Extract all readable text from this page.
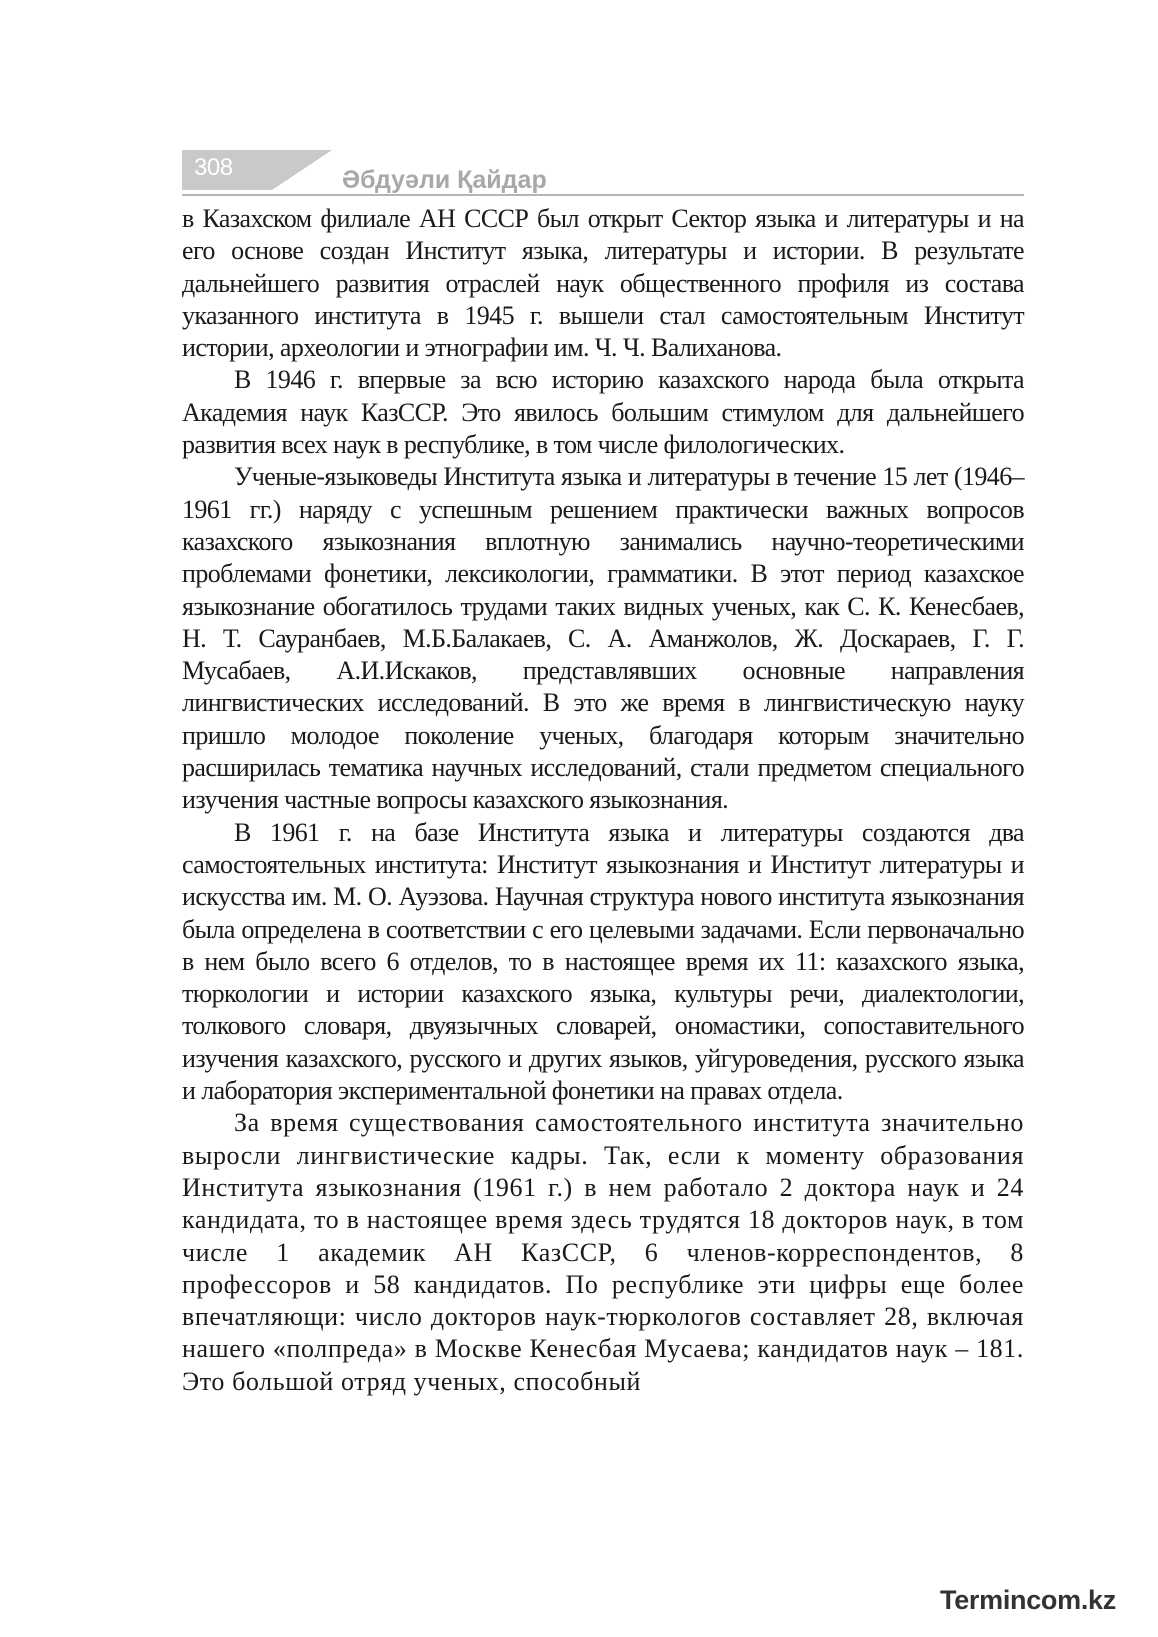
308	Әбдуәли Қайдар

в Казахском филиале АН СССР был открыт Сектор языка и литературы и на его основе создан Институт языка, литературы и истории. В результате дальнейшего развития отраслей наук общественного профиля из состава указанного института в 1945 г. вышели стал самостоятельным Институт истории, археологии и этнографии им. Ч. Ч. Валиханова.

В 1946 г. впервые за всю историю казахского народа была открыта Академия наук КазССР. Это явилось большим стимулом для дальнейшего развития всех наук в республике, в том числе филологических.

Ученые-языковеды Института языка и литературы в течение 15 лет (1946–1961 гг.) наряду с успешным решением практически важных вопросов казахского языкознания вплотную занимались научно-теоретическими проблемами фонетики, лексикологии, грамматики. В этот период казахское языкознание обогатилось трудами таких видных ученых, как С. К. Кенесбаев, Н. Т. Сауранбаев, М.Б.Балакаев, С. А. Аманжолов, Ж. Доскараев, Г. Г. Мусабаев, А.И.Искаков, представлявших основные направления лингвистических исследований. В это же время в лингвистическую науку пришло молодое поколение ученых, благодаря которым значительно расширилась тематика научных исследований, стали предметом специального изучения частные вопросы казахского языкознания.

В 1961 г. на базе Института языка и литературы создаются два самостоятельных института: Институт языкознания и Институт литературы и искусства им. М. О. Ауэзова. Научная структура нового института языкознания была определена в соответствии с его целевыми задачами. Если первоначально в нем было всего 6 отделов, то в настоящее время их 11: казахского языка, тюркологии и истории казахского языка, культуры речи, диалектологии, толкового словаря, двуязычных словарей, ономастики, сопоставительного изучения казахского, русского и других языков, уйгуроведения, русского языка и лаборатория экспериментальной фонетики на правах отдела.

За время существования самостоятельного института значительно выросли лингвистические кадры. Так, если к моменту образования Института языкознания (1961 г.) в нем работало 2 доктора наук и 24 кандидата, то в настоящее время здесь трудятся 18 докторов наук, в том числе 1 академик АН КазССР, 6 членов-корреспондентов, 8 профессоров и 58 кандидатов. По республике эти цифры еще более впечатляющи: число докторов наук-тюркологов составляет 28, включая нашего «полпреда» в Москве Кенесбая Мусаева; кандидатов наук – 181. Это большой отряд ученых, способный

Termincom.kz
